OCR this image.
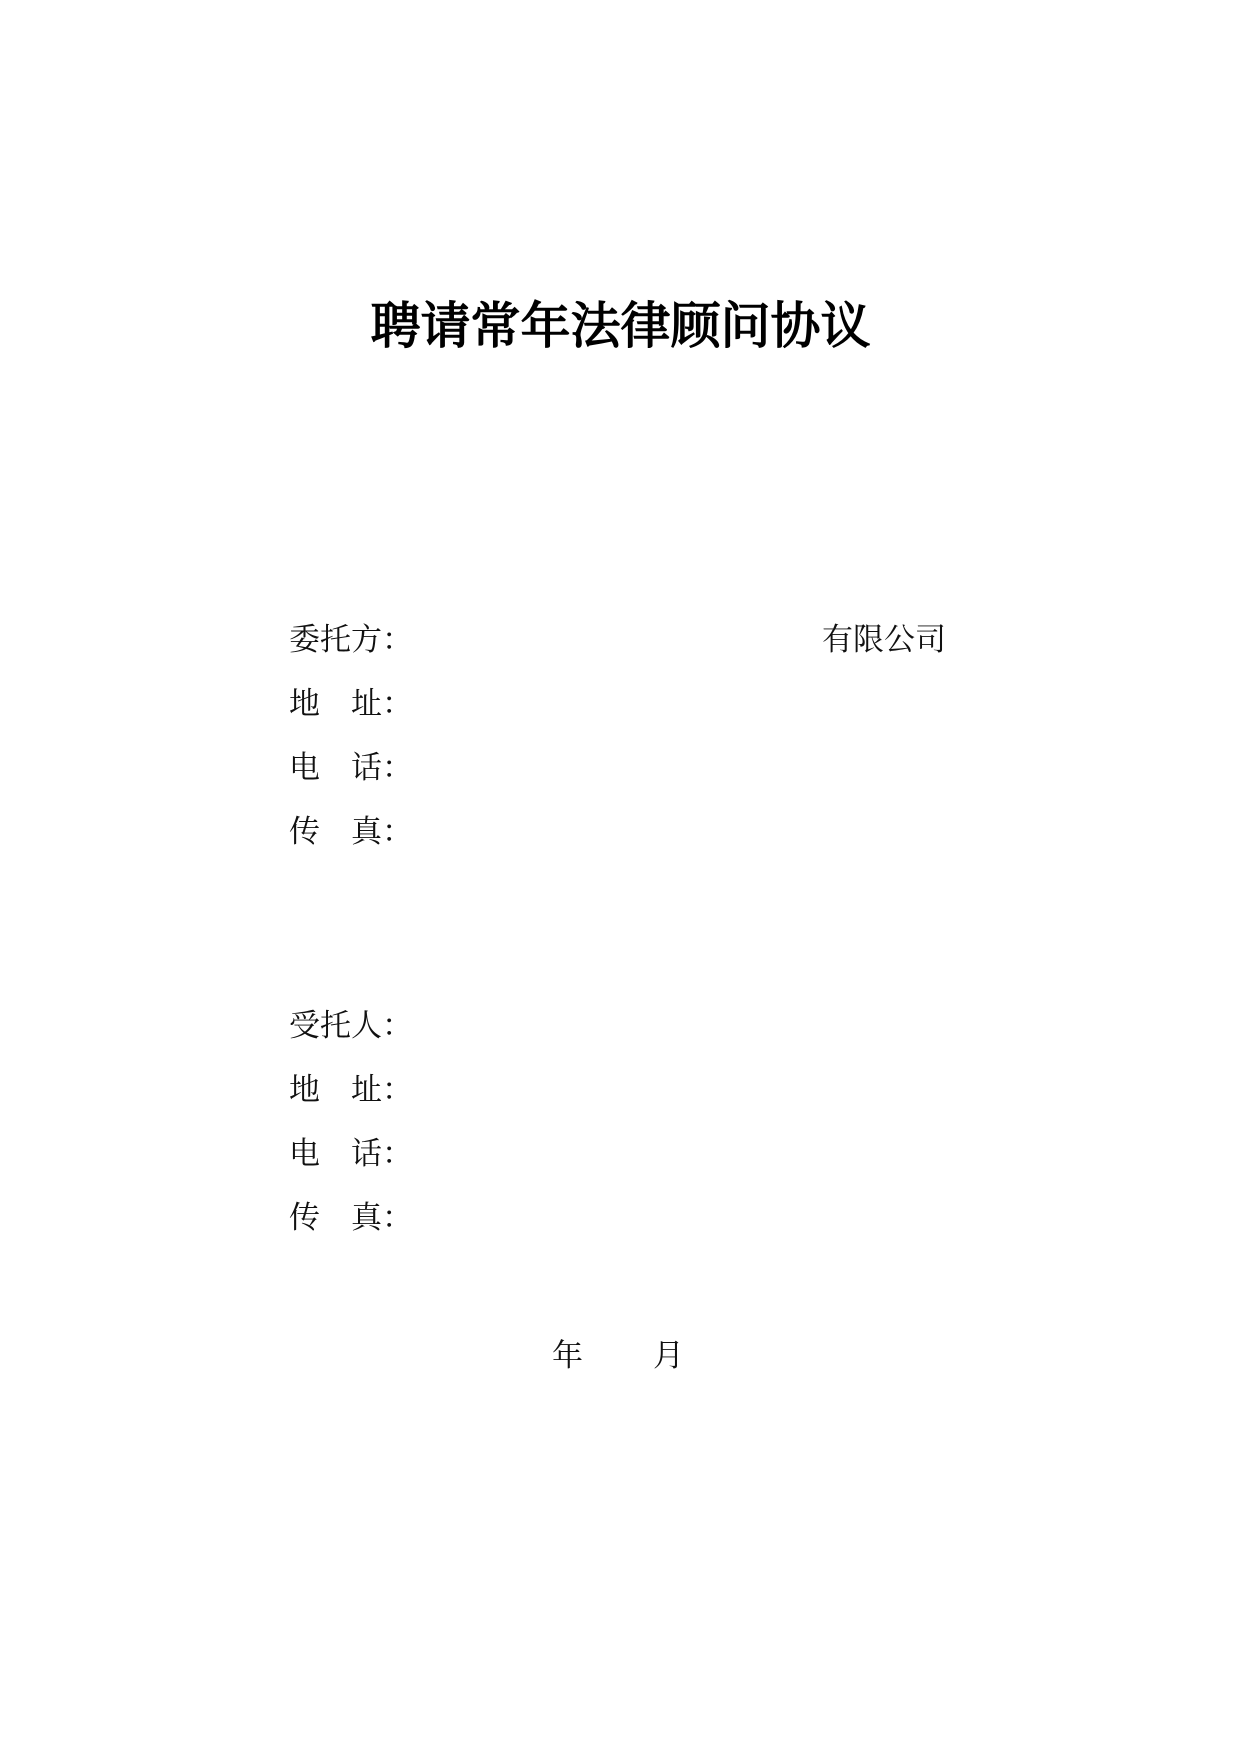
聘请常年法律顾问协议
委托方：	有限公司
地　址：
电　话：
传　真：
受托人：
地　址：
电　话：
传　真：
年 月
